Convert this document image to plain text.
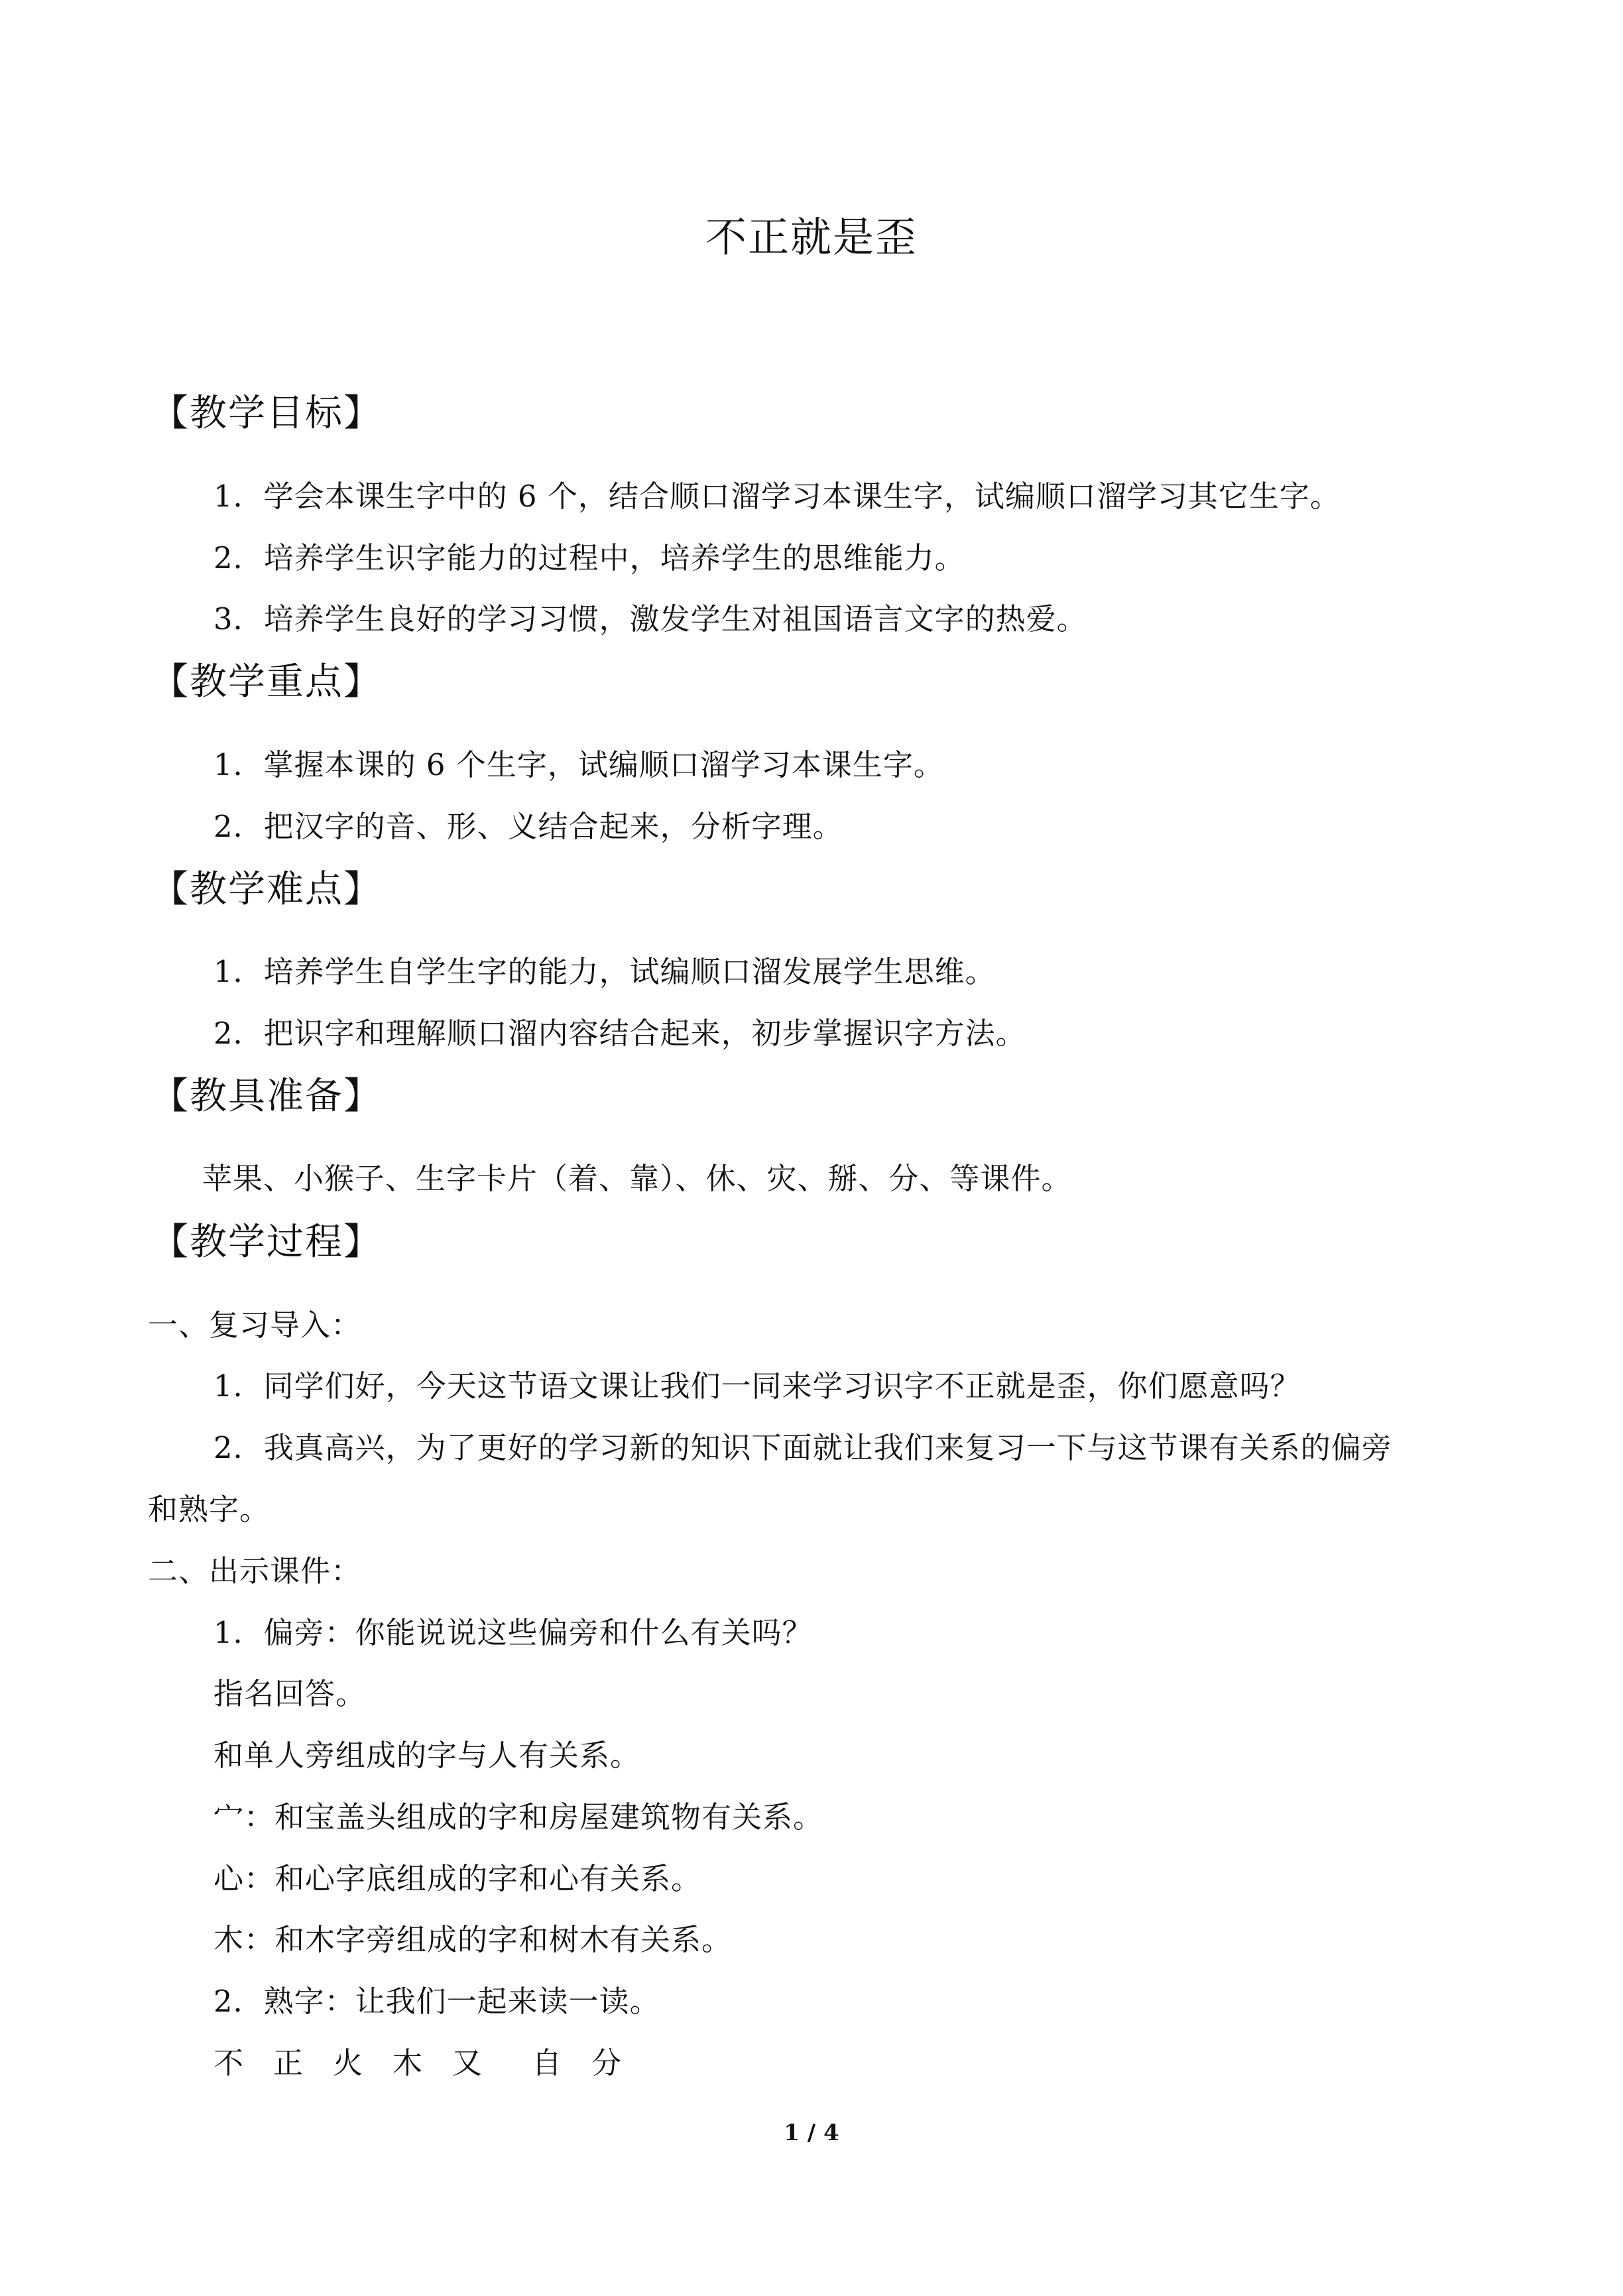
不正就是歪
【教学目标】
1．学会本课生字中的 6 个，结合顺口溜学习本课生字，试编顺口溜学习其它生字。
2．培养学生识字能力的过程中，培养学生的思维能力。
3．培养学生良好的学习习惯，激发学生对祖国语言文字的热爱。
【教学重点】
1．掌握本课的 6 个生字，试编顺口溜学习本课生字。
2．把汉字的音、形、义结合起来，分析字理。
【教学难点】
1．培养学生自学生字的能力，试编顺口溜发展学生思维。
2．把识字和理解顺口溜内容结合起来，初步掌握识字方法。
【教具准备】
苹果、小猴子、生字卡片（着、靠）、休、灾、掰、分、等课件。
【教学过程】
一、复习导入：
1．同学们好，今天这节语文课让我们一同来学习识字不正就是歪，你们愿意吗？
2．我真高兴，为了更好的学习新的知识下面就让我们来复习一下与这节课有关系的偏旁
和熟字。
二、出示课件：
1．偏旁：你能说说这些偏旁和什么有关吗？
指名回答。
和单人旁组成的字与人有关系。
宀：和宝盖头组成的字和房屋建筑物有关系。
心：和心字底组成的字和心有关系。
木：和木字旁组成的字和树木有关系。
2．熟字：让我们一起来读一读。
不 正 火 木 又 自 分
1 / 4
